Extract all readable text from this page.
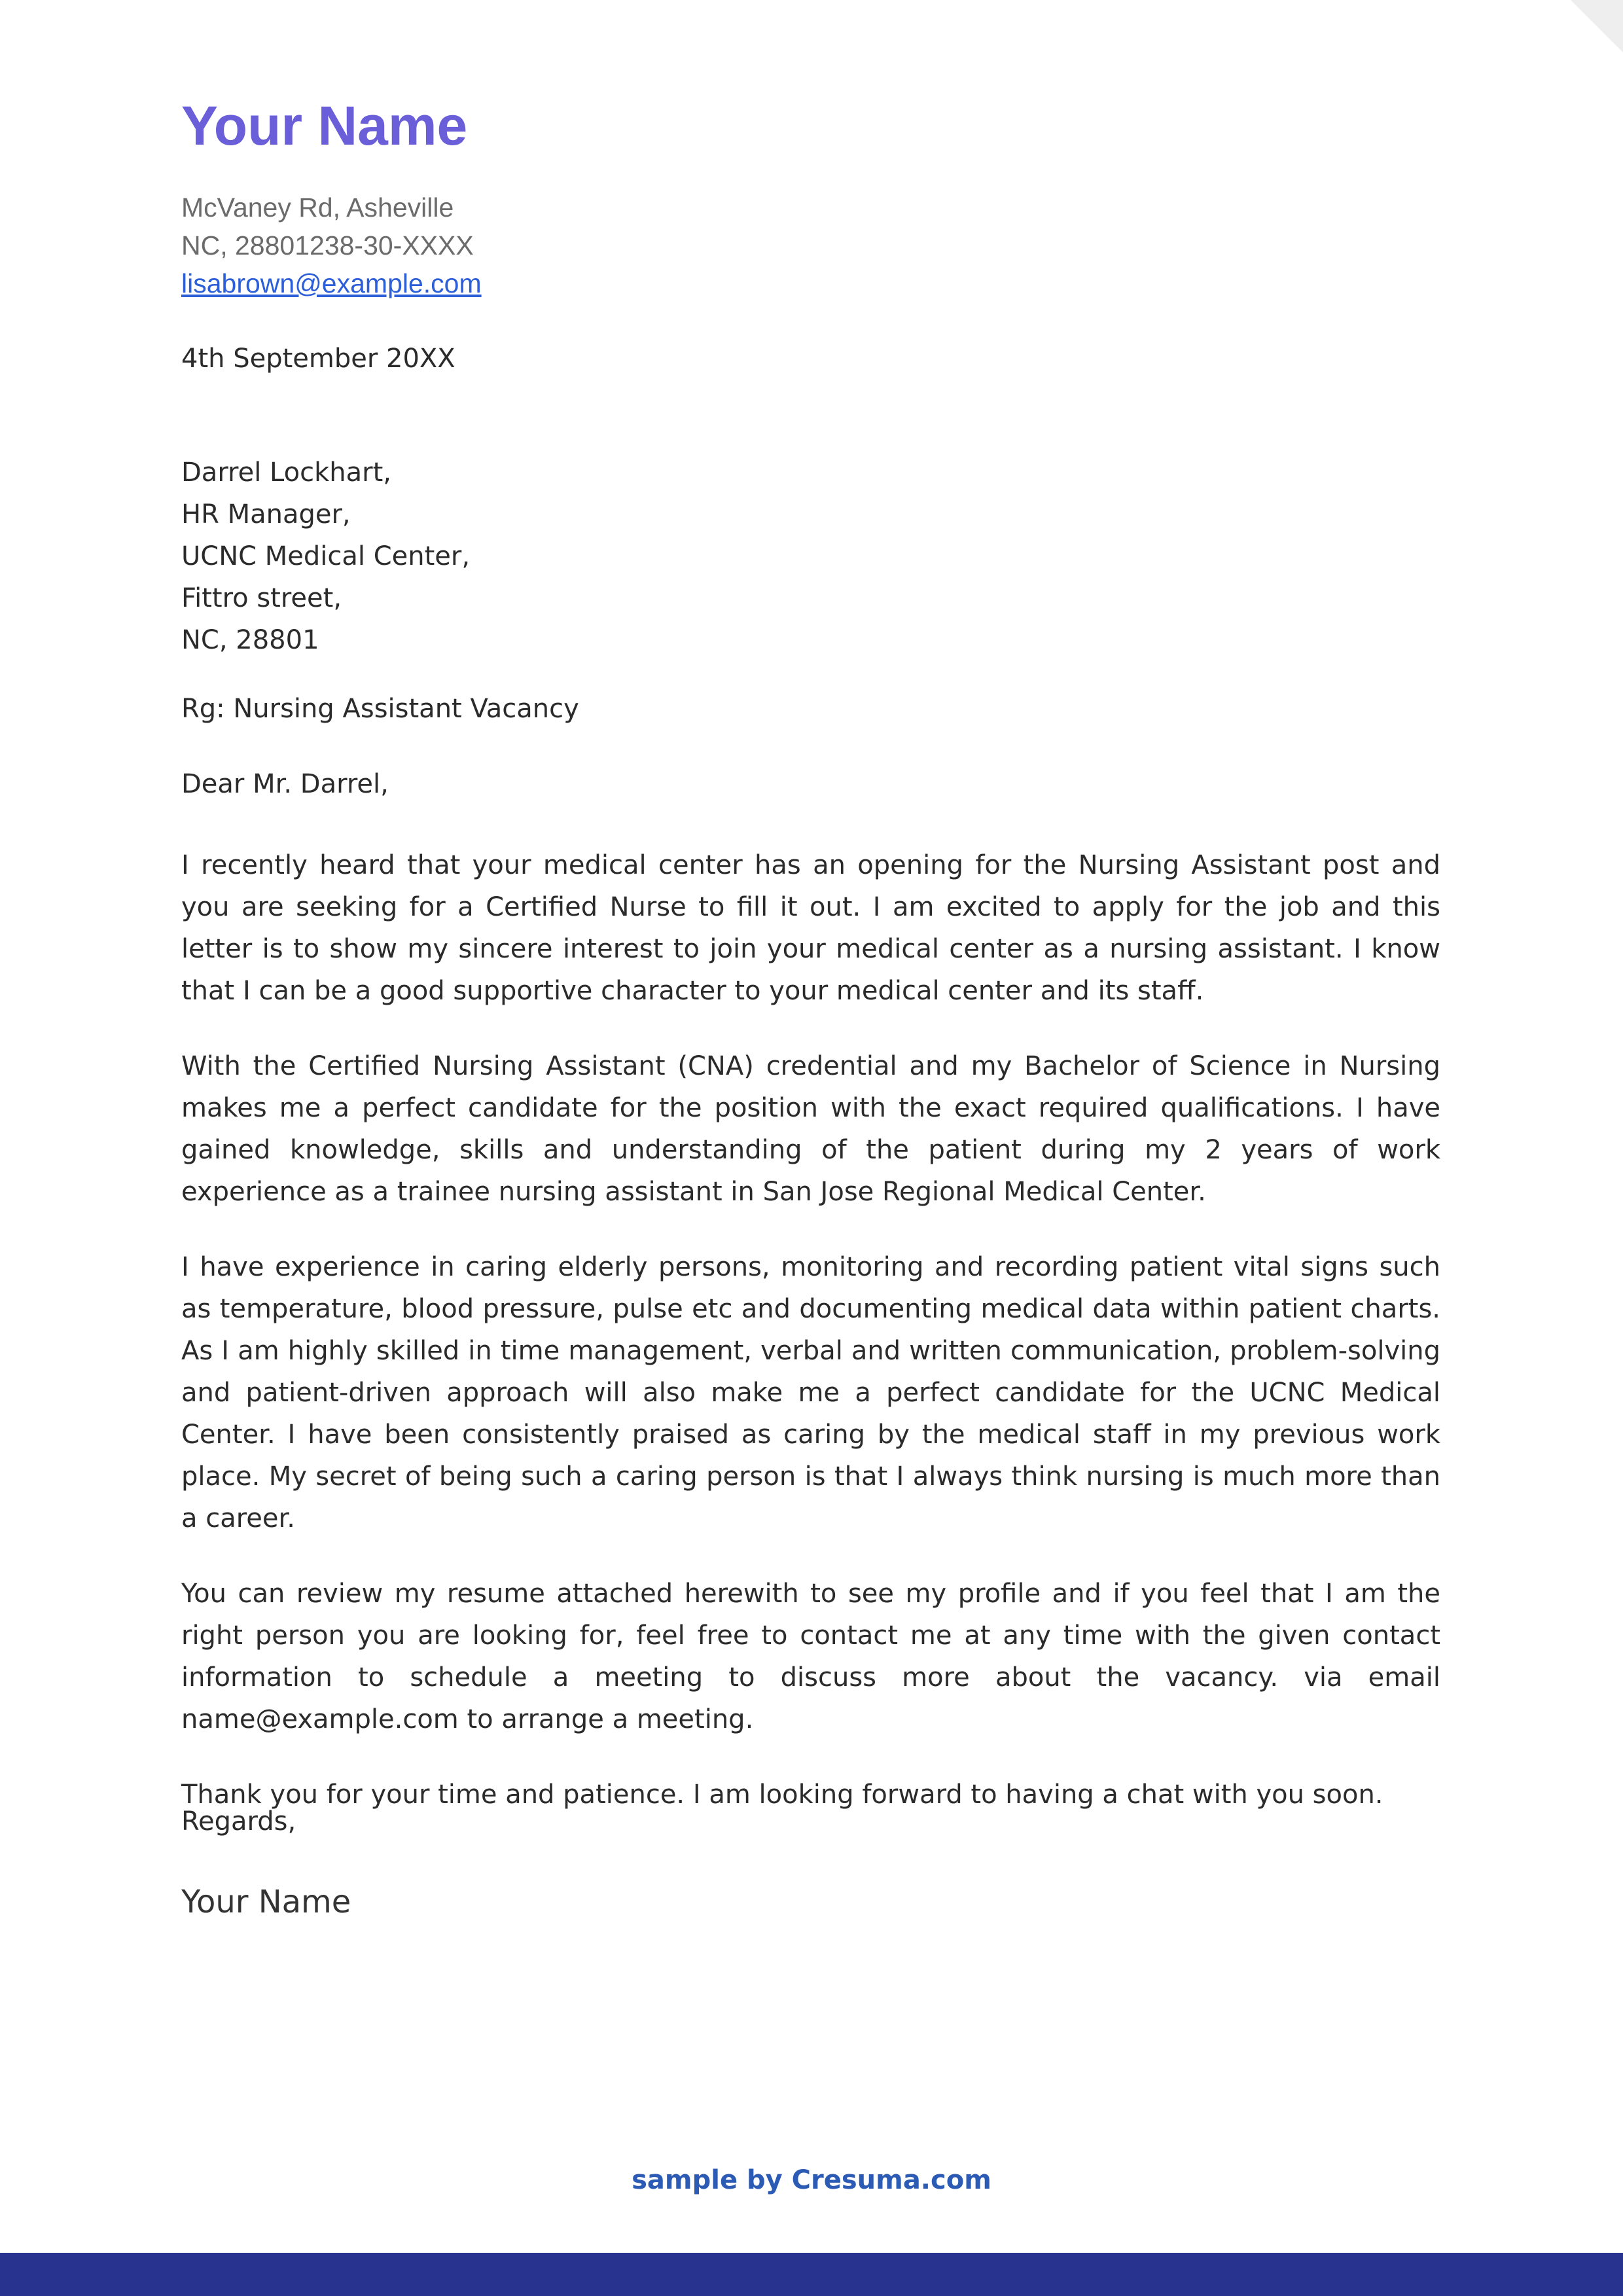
Your Name
McVaney Rd, Asheville
NC, 28801238-30-XXXX
lisabrown@example.com
4th September 20XX
Darrel Lockhart,
HR Manager,
UCNC Medical Center,
Fittro street,
NC, 28801
Rg: Nursing Assistant Vacancy
Dear Mr. Darrel,

I recently heard that your medical center has an opening for the Nursing Assistant post and you are seeking for a Certified Nurse to fill it out. I am excited to apply for the job and this letter is to show my sincere interest to join your medical center as a nursing assistant. I know that I can be a good supportive character to your medical center and its staff.

With the Certified Nursing Assistant (CNA) credential and my Bachelor of Science in Nursing makes me a perfect candidate for the position with the exact required qualifications. I have gained knowledge, skills and understanding of the patient during my 2 years of work experience as a trainee nursing assistant in San Jose Regional Medical Center.

I have experience in caring elderly persons, monitoring and recording patient vital signs such as temperature, blood pressure, pulse etc and documenting medical data within patient charts. As I am highly skilled in time management, verbal and written communication, problem-solving and patient-driven approach will also make me a perfect candidate for the UCNC Medical Center. I have been consistently praised as caring by the medical staff in my previous work place. My secret of being such a caring person is that I always think nursing is much more than a career.

You can review my resume attached herewith to see my profile and if you feel that I am the right person you are looking for, feel free to contact me at any time with the given contact information to schedule a meeting to discuss more about the vacancy. via email name@example.com to arrange a meeting.

Thank you for your time and patience. I am looking forward to having a chat with you soon.

Regards,
Your Name
sample by Cresuma.com
